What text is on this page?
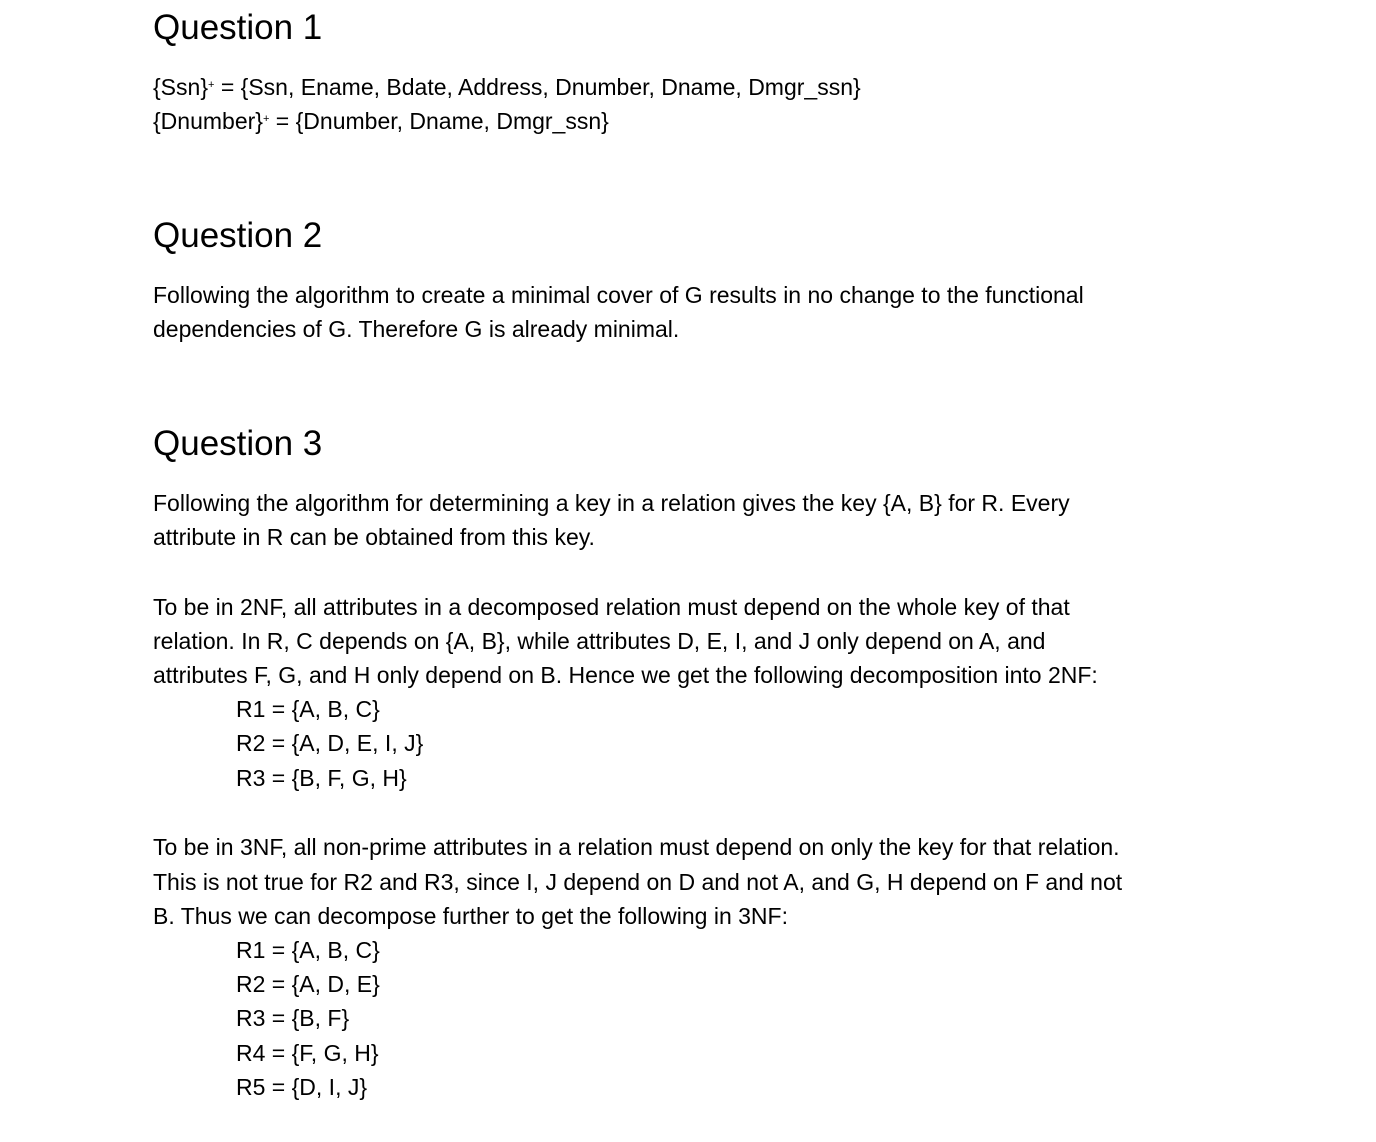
Question 1
{Ssn}+ = {Ssn, Ename, Bdate, Address, Dnumber, Dname, Dmgr_ssn}
{Dnumber}+ = {Dnumber, Dname, Dmgr_ssn}
Question 2
Following the algorithm to create a minimal cover of G results in no change to the functional
dependencies of G. Therefore G is already minimal.
Question 3
Following the algorithm for determining a key in a relation gives the key {A, B} for R. Every
attribute in R can be obtained from this key.
To be in 2NF, all attributes in a decomposed relation must depend on the whole key of that
relation. In R, C depends on {A, B}, while attributes D, E, I, and J only depend on A, and
attributes F, G, and H only depend on B. Hence we get the following decomposition into 2NF:
R1 = {A, B, C}
R2 = {A, D, E, I, J}
R3 = {B, F, G, H}
To be in 3NF, all non-prime attributes in a relation must depend on only the key for that relation.
This is not true for R2 and R3, since I, J depend on D and not A, and G, H depend on F and not
B. Thus we can decompose further to get the following in 3NF:
R1 = {A, B, C}
R2 = {A, D, E}
R3 = {B, F}
R4 = {F, G, H}
R5 = {D, I, J}
